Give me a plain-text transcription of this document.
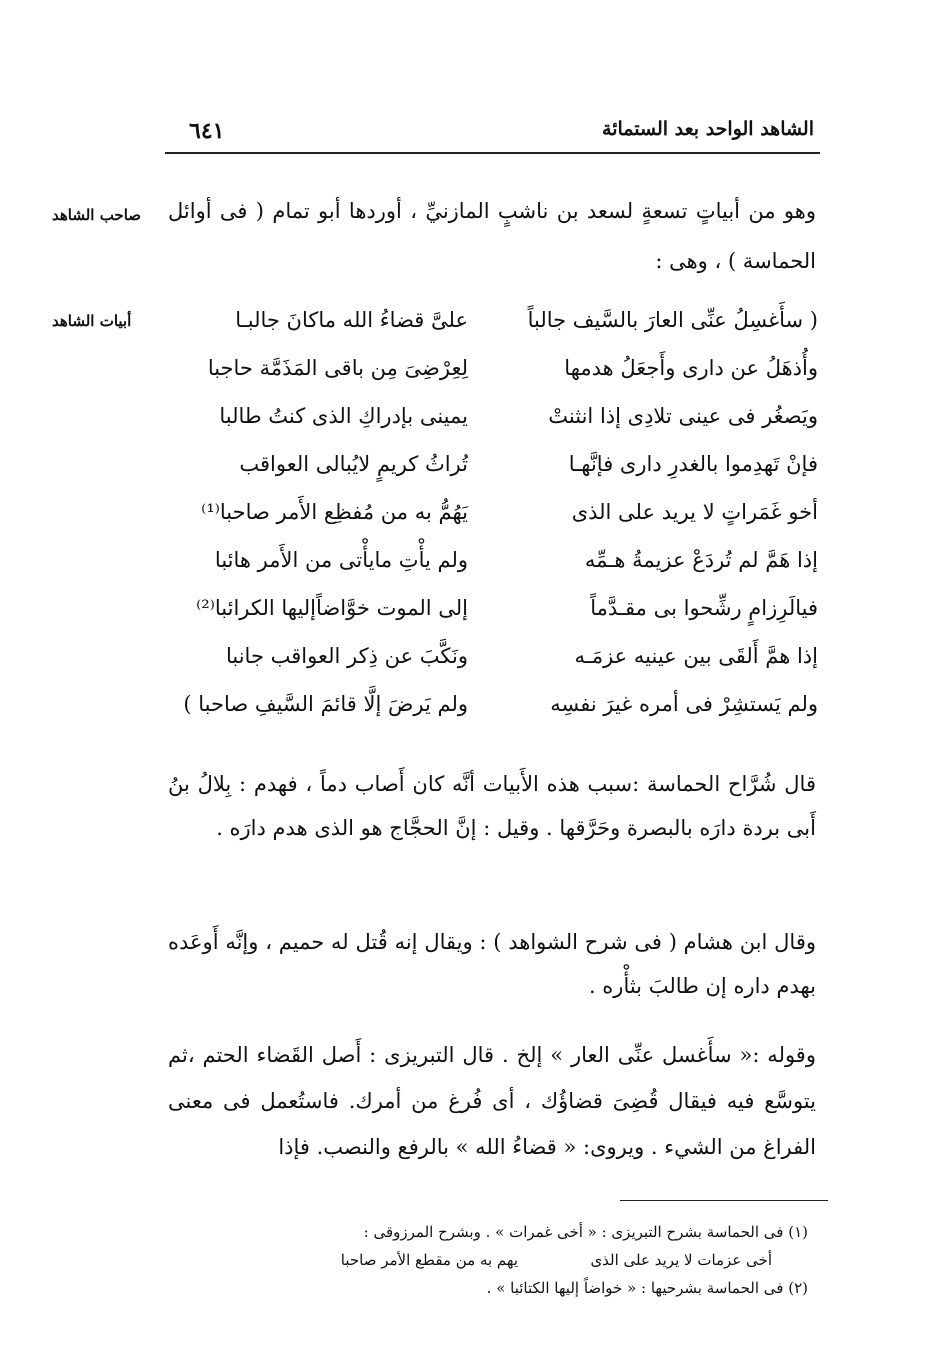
الشاهد الواحد بعد الستمائة
٦٤١
صاحب الشاهد
أبيات الشاهد
وهو من أبياتٍ تسعةٍ لسعد بن ناشبٍ المازنيِّ ، أوردها أبو تمام ( فى أوائل الحماسة ) ، وهى :
( سأَغسِلُ عنِّى العارَ بالسَّيف جالباً
علىَّ قضاءُ الله ماكانَ جالبـا
وأُذهَلُ عن دارى وأَجعَلُ هدمها
لِعِرْضِىَ مِن باقى المَذَمَّة حاجبا
ويَصغُر فى عينى تلادِى إذا انثنتْ
يمينى بإدراكِ الذى كنتُ طالبا
فإنْ تَهدِموا بالغدرِ دارى فإنَّهـا
تُراثُ كريمٍ لايُبالى العواقب
أخو غَمَراتٍ لا يريد على الذى
يَهُمُّ به من مُفظِع الأَمر صاحبا⁽¹⁾
إذا هَمَّ لم تُردَعْ عزيمةُ هـمِّه
ولم يأْتِ مايأْتى من الأَمر هائبا
فيالَرِزامٍ رشِّحوا بى مقـدَّماً
إلى الموت خوَّاضاًإليها الكرائبا⁽²⁾
إذا همَّ أَلقَى بين عينيه عزمَـه
ونَكَّبَ عن ذِكر العواقب جانبا
ولم يَستشِرْ فى أمره غيرَ نفسِه
ولم يَرضَ إلَّا قائمَ السَّيفِ صاحبا )
قال شُرَّاح الحماسة :سبب هذه الأَبيات أنَّه كان أَصاب دماً ، فهدم : بِلالُ بنُ أَبى بردة دارَه بالبصرة وحَرَّقها . وقيل : إنَّ الحجَّاج هو الذى هدم دارَه .
وقال ابن هشام ( فى شرح الشواهد ) : ويقال إنه قُتل له حميم ، وإنَّه أَوعَده بهدم داره إن طالبَ بثأْره .
وقوله :« سأَغسل عنِّى العار » إلخ . قال التبريزى : أَصل القَضاء الحتم ،ثم يتوسَّع فيه فيقال قُضِىَ قضاؤُك ، أى فُرغ من أمرك. فاستُعمل فى معنى الفراغ من الشيء . ويروى: « قضاءُ الله » بالرفع والنصب. فإذا
(١) فى الحماسة بشرح التبريزى : « أخى غمرات » . وبشرح المرزوقى :
أخى عزمات لا يريد على الذى
يهم به من مقطع الأمر صاحبا
(٢) فى الحماسة بشرحيها : « خواضاً إليها الكتائبا » .
